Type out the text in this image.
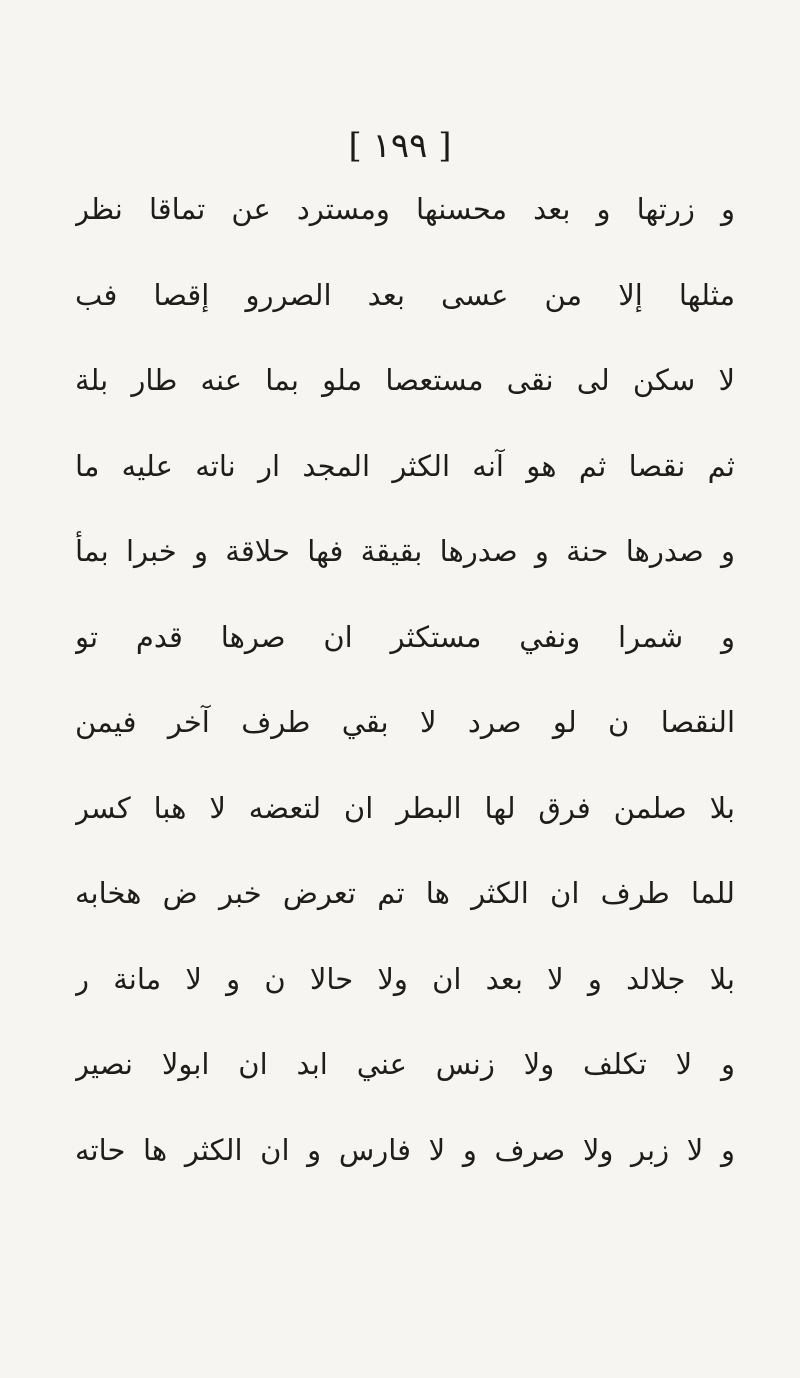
[ ١٩٩ ]
و زرتها و بعد محسنها ومسترد عن تماقا نظر
مثلها إلا من عسى بعد الصررو إقصا فب
لا سكن لى نقى مستعصا ملو بما عنه طار بلة
ثم نقصا ثم هو آنه الكثر المجد ار ناته عليه ما
و صدرها حنة و صدرها بقيقة فها حلاقة و خبرا بمأ
و شمرا ونفي مستكثر ان صرها قدم تو
النقصا ن لو صرد لا بقي طرف آخر فيمن
بلا صلمن فرق لها البطر ان لتعضه لا هبا كسر
للما طرف ان الكثر ها تم تعرض خبر ض هخابه
بلا جلالد و لا بعد ان ولا حالا ن و لا مانة ر
و لا تكلف ولا زنس عني ابد ان ابولا نصير
و لا زبر ولا صرف و لا فارس و ان الكثر ها حاته
